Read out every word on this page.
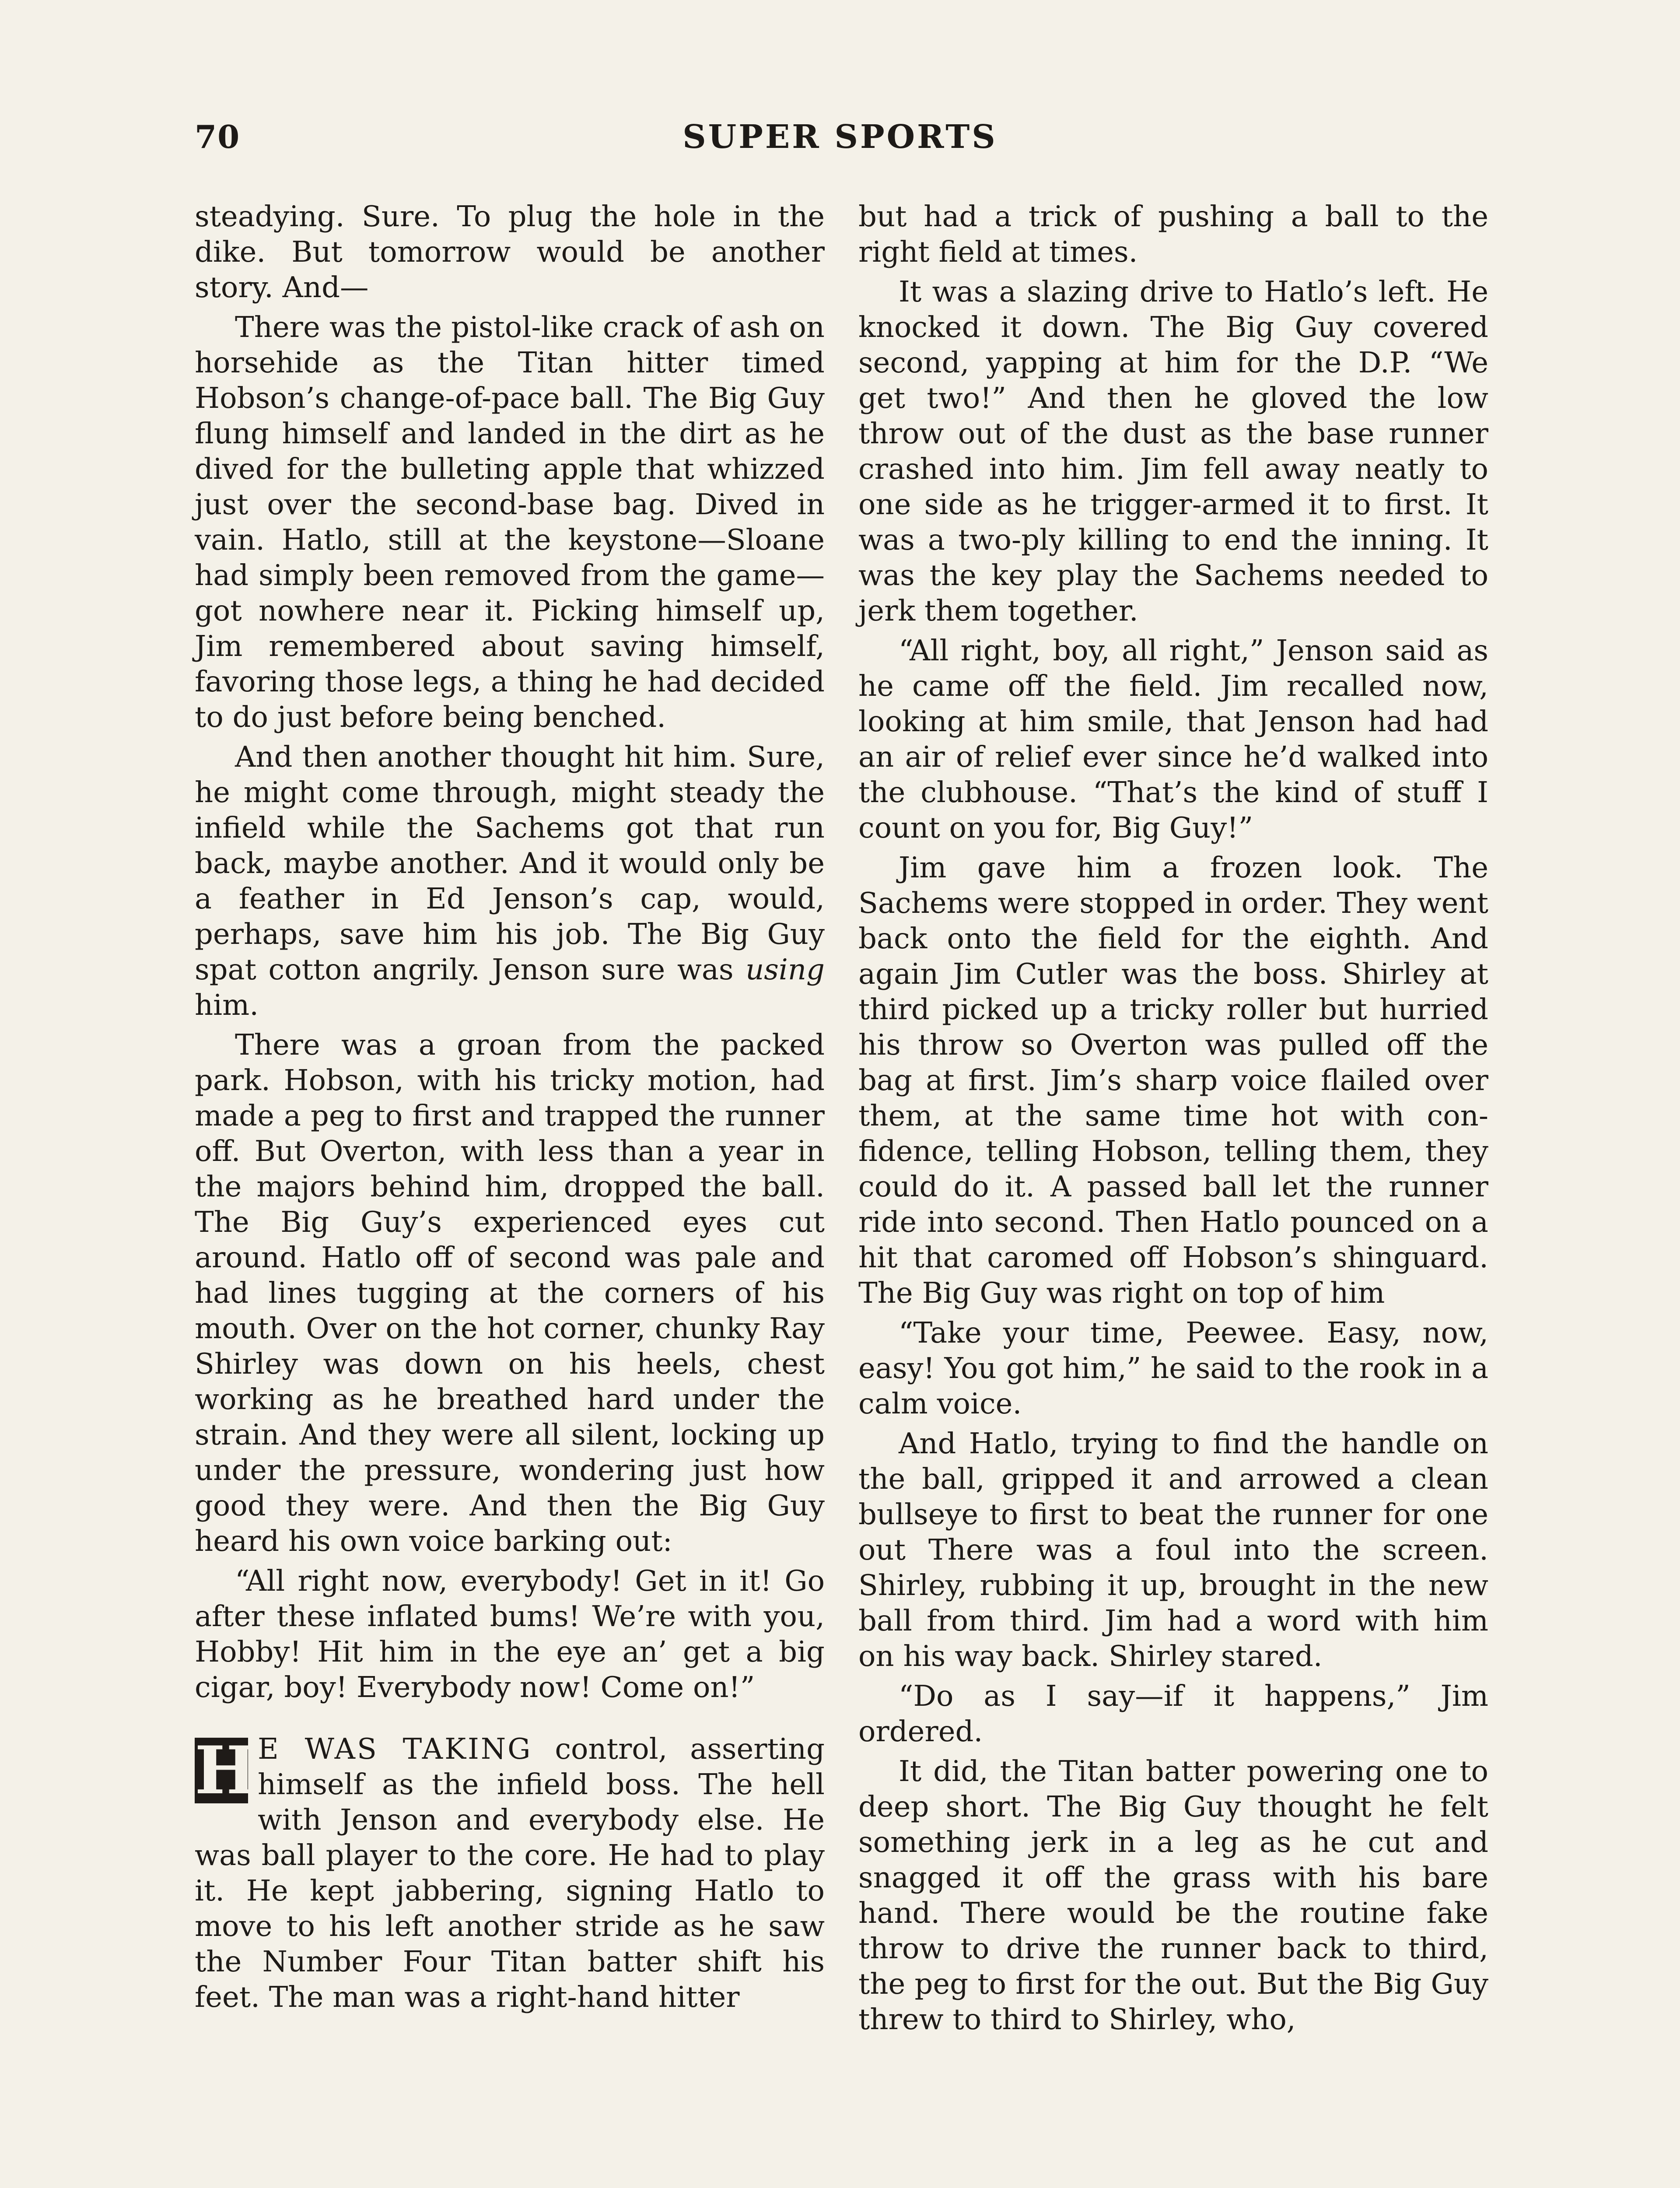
70	SUPER SPORTS

steadying. Sure. To plug the hole in the dike. But tomorrow would be another story. And—

There was the pistol-like crack of ash on horsehide as the Titan hitter timed Hobson’s change-of-pace ball. The Big Guy flung himself and landed in the dirt as he dived for the bulleting apple that whizzed just over the second-base bag. Dived in vain. Hatlo, still at the keystone—Sloane had simply been removed from the game—got nowhere near it. Picking himself up, Jim remembered about saving himself, favoring those legs, a thing he had decided to do just before being benched.

And then another thought hit him. Sure, he might come through, might steady the infield while the Sachems got that run back, maybe another. And it would only be a feather in Ed Jenson’s cap, would, perhaps, save him his job. The Big Guy spat cotton angrily. Jenson sure was using him.

There was a groan from the packed park. Hobson, with his tricky motion, had made a peg to first and trapped the runner off. But Overton, with less than a year in the majors behind him, dropped the ball. The Big Guy’s experienced eyes cut around. Hatlo off of second was pale and had lines tugging at the corners of his mouth. Over on the hot corner, chunky Ray Shirley was down on his heels, chest working as he breathed hard under the strain. And they were all silent, locking up under the pressure, wondering just how good they were. And then the Big Guy heard his own voice barking out:

“All right now, everybody! Get in it! Go after these inflated bums! We’re with you, Hobby! Hit him in the eye an’ get a big cigar, boy! Everybody now! Come on!”

H E WAS TAKING control, asserting himself as the infield boss. The hell with Jenson and everybody else. He was ball player to the core. He had to play it. He kept jabbering, signing Hatlo to move to his left another stride as he saw the Number Four Titan batter shift his feet. The man was a right-hand hitter

but had a trick of pushing a ball to the right field at times.

It was a slazing drive to Hatlo’s left. He knocked it down. The Big Guy covered second, yapping at him for the D.P. “We get two!” And then he gloved the low throw out of the dust as the base runner crashed into him. Jim fell away neatly to one side as he trigger-armed it to first. It was a two-ply killing to end the inning. It was the key play the Sachems needed to jerk them together.

“All right, boy, all right,” Jenson said as he came off the field. Jim recalled now, looking at him smile, that Jenson had had an air of relief ever since he’d walked into the clubhouse. “That’s the kind of stuff I count on you for, Big Guy!”

Jim gave him a frozen look. The Sachems were stopped in order. They went back onto the field for the eighth. And again Jim Cutler was the boss. Shirley at third picked up a tricky roller but hurried his throw so Overton was pulled off the bag at first. Jim’s sharp voice flailed over them, at the same time hot with confidence, telling Hobson, telling them, they could do it. A passed ball let the runner ride into second. Then Hatlo pounced on a hit that caromed off Hobson’s shinguard. The Big Guy was right on top of him

“Take your time, Peewee. Easy, now, easy! You got him,” he said to the rook in a calm voice.

And Hatlo, trying to find the handle on the ball, gripped it and arrowed a clean bullseye to first to beat the runner for one out There was a foul into the screen. Shirley, rubbing it up, brought in the new ball from third. Jim had a word with him on his way back. Shirley stared.

“Do as I say—if it happens,” Jim ordered.

It did, the Titan batter powering one to deep short. The Big Guy thought he felt something jerk in a leg as he cut and snagged it off the grass with his bare hand. There would be the routine fake throw to drive the runner back to third, the peg to first for the out. But the Big Guy threw to third to Shirley, who,
